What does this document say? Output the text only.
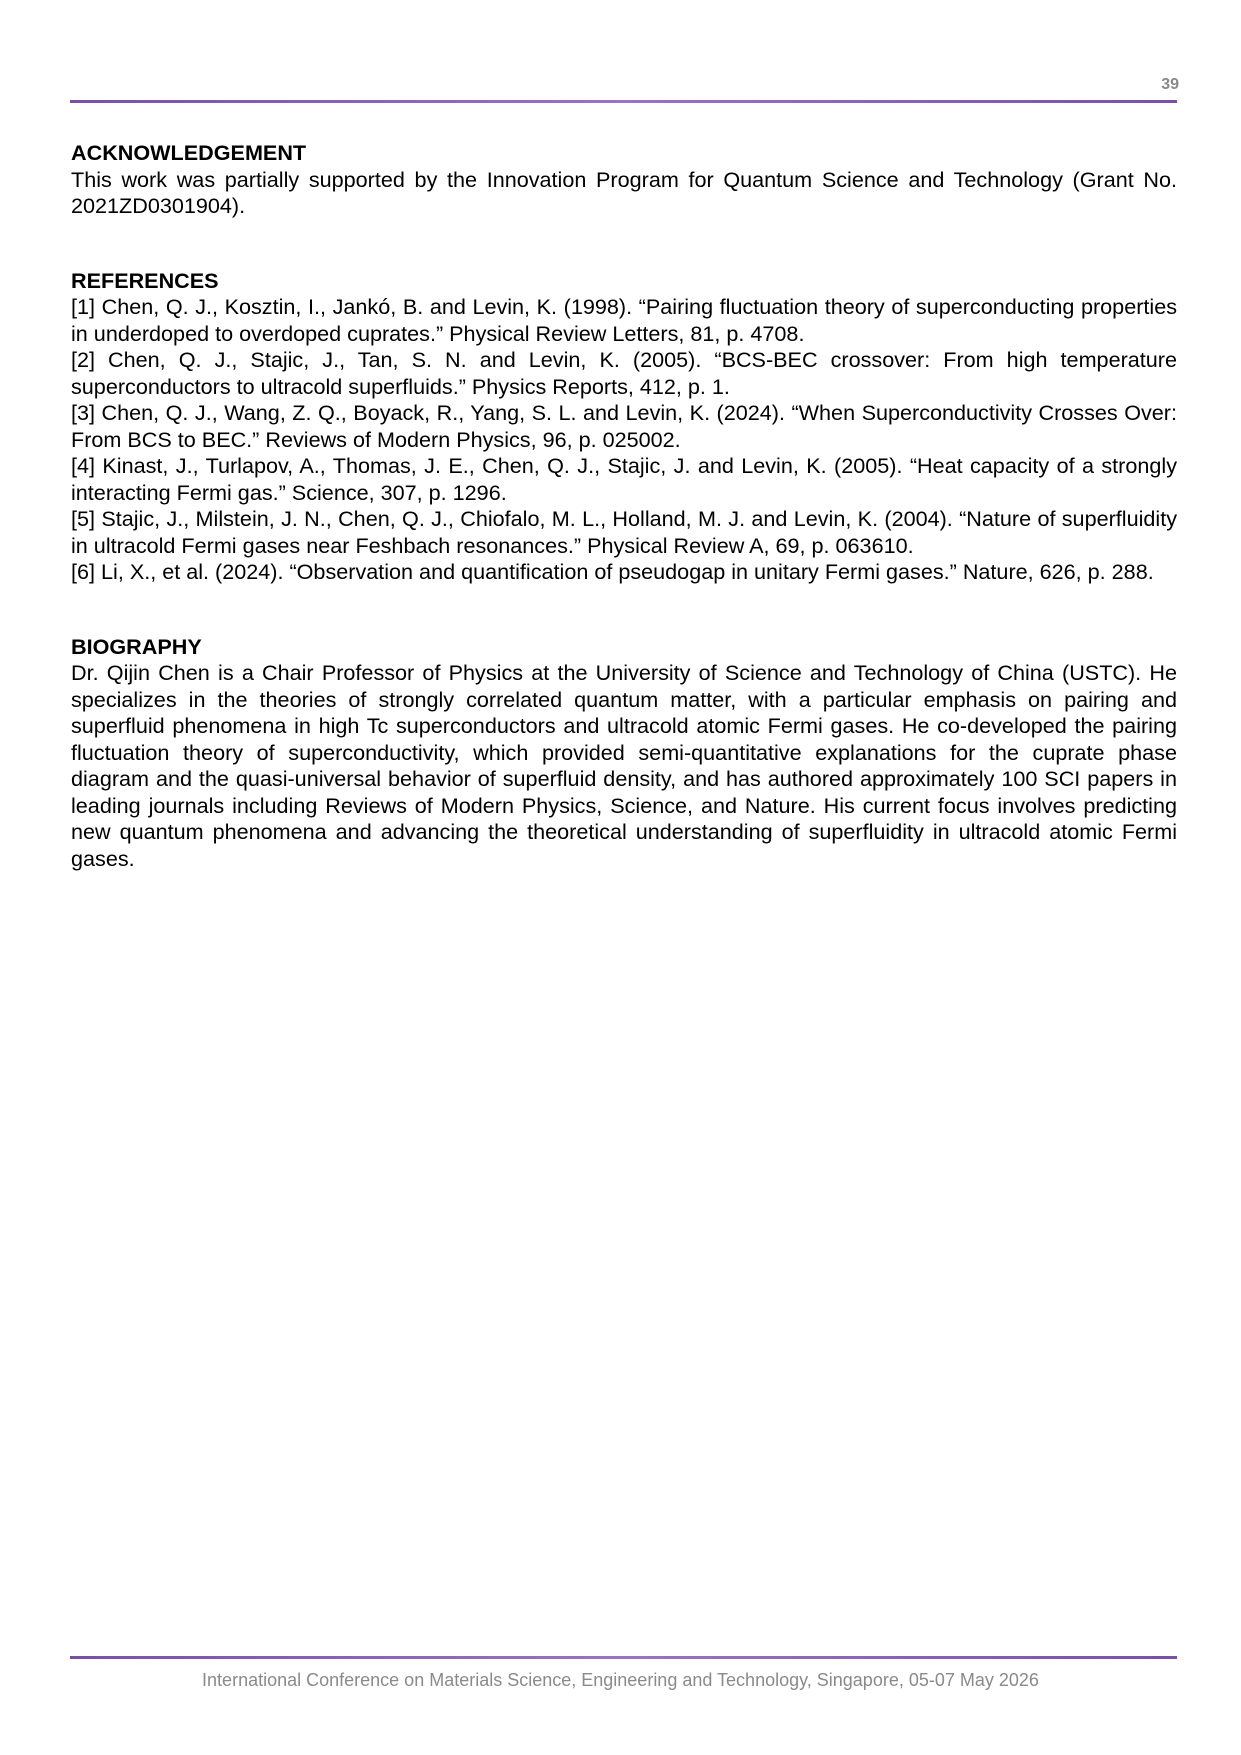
39

ACKNOWLEDGEMENT

This work was partially supported by the Innovation Program for Quantum Science and Technology (Grant No. 2021ZD0301904).

REFERENCES

[1] Chen, Q. J., Kosztin, I., Jankó, B. and Levin, K. (1998). “Pairing fluctuation theory of superconducting properties in underdoped to overdoped cuprates.” Physical Review Letters, 81, p. 4708.

[2] Chen, Q. J., Stajic, J., Tan, S. N. and Levin, K. (2005). “BCS-BEC crossover: From high temperature superconductors to ultracold superfluids.” Physics Reports, 412, p. 1.

[3] Chen, Q. J., Wang, Z. Q., Boyack, R., Yang, S. L. and Levin, K. (2024). “When Superconductivity Crosses Over: From BCS to BEC.” Reviews of Modern Physics, 96, p. 025002.

[4] Kinast, J., Turlapov, A., Thomas, J. E., Chen, Q. J., Stajic, J. and Levin, K. (2005). “Heat capacity of a strongly interacting Fermi gas.” Science, 307, p. 1296.

[5] Stajic, J., Milstein, J. N., Chen, Q. J., Chiofalo, M. L., Holland, M. J. and Levin, K. (2004). “Nature of superfluidity in ultracold Fermi gases near Feshbach resonances.” Physical Review A, 69, p. 063610.

[6] Li, X., et al. (2024). “Observation and quantification of pseudogap in unitary Fermi gases.” Nature, 626, p. 288.

BIOGRAPHY

Dr. Qijin Chen is a Chair Professor of Physics at the University of Science and Technology of China (USTC). He specializes in the theories of strongly correlated quantum matter, with a particular emphasis on pairing and superfluid phenomena in high Tc superconductors and ultracold atomic Fermi gases. He co-developed the pairing fluctuation theory of superconductivity, which provided semi-quantitative explanations for the cuprate phase diagram and the quasi-universal behavior of superfluid density, and has authored approximately 100 SCI papers in leading journals including Reviews of Modern Physics, Science, and Nature. His current focus involves predicting new quantum phenomena and advancing the theoretical understanding of superfluidity in ultracold atomic Fermi gases.

International Conference on Materials Science, Engineering and Technology, Singapore, 05-07 May 2026
